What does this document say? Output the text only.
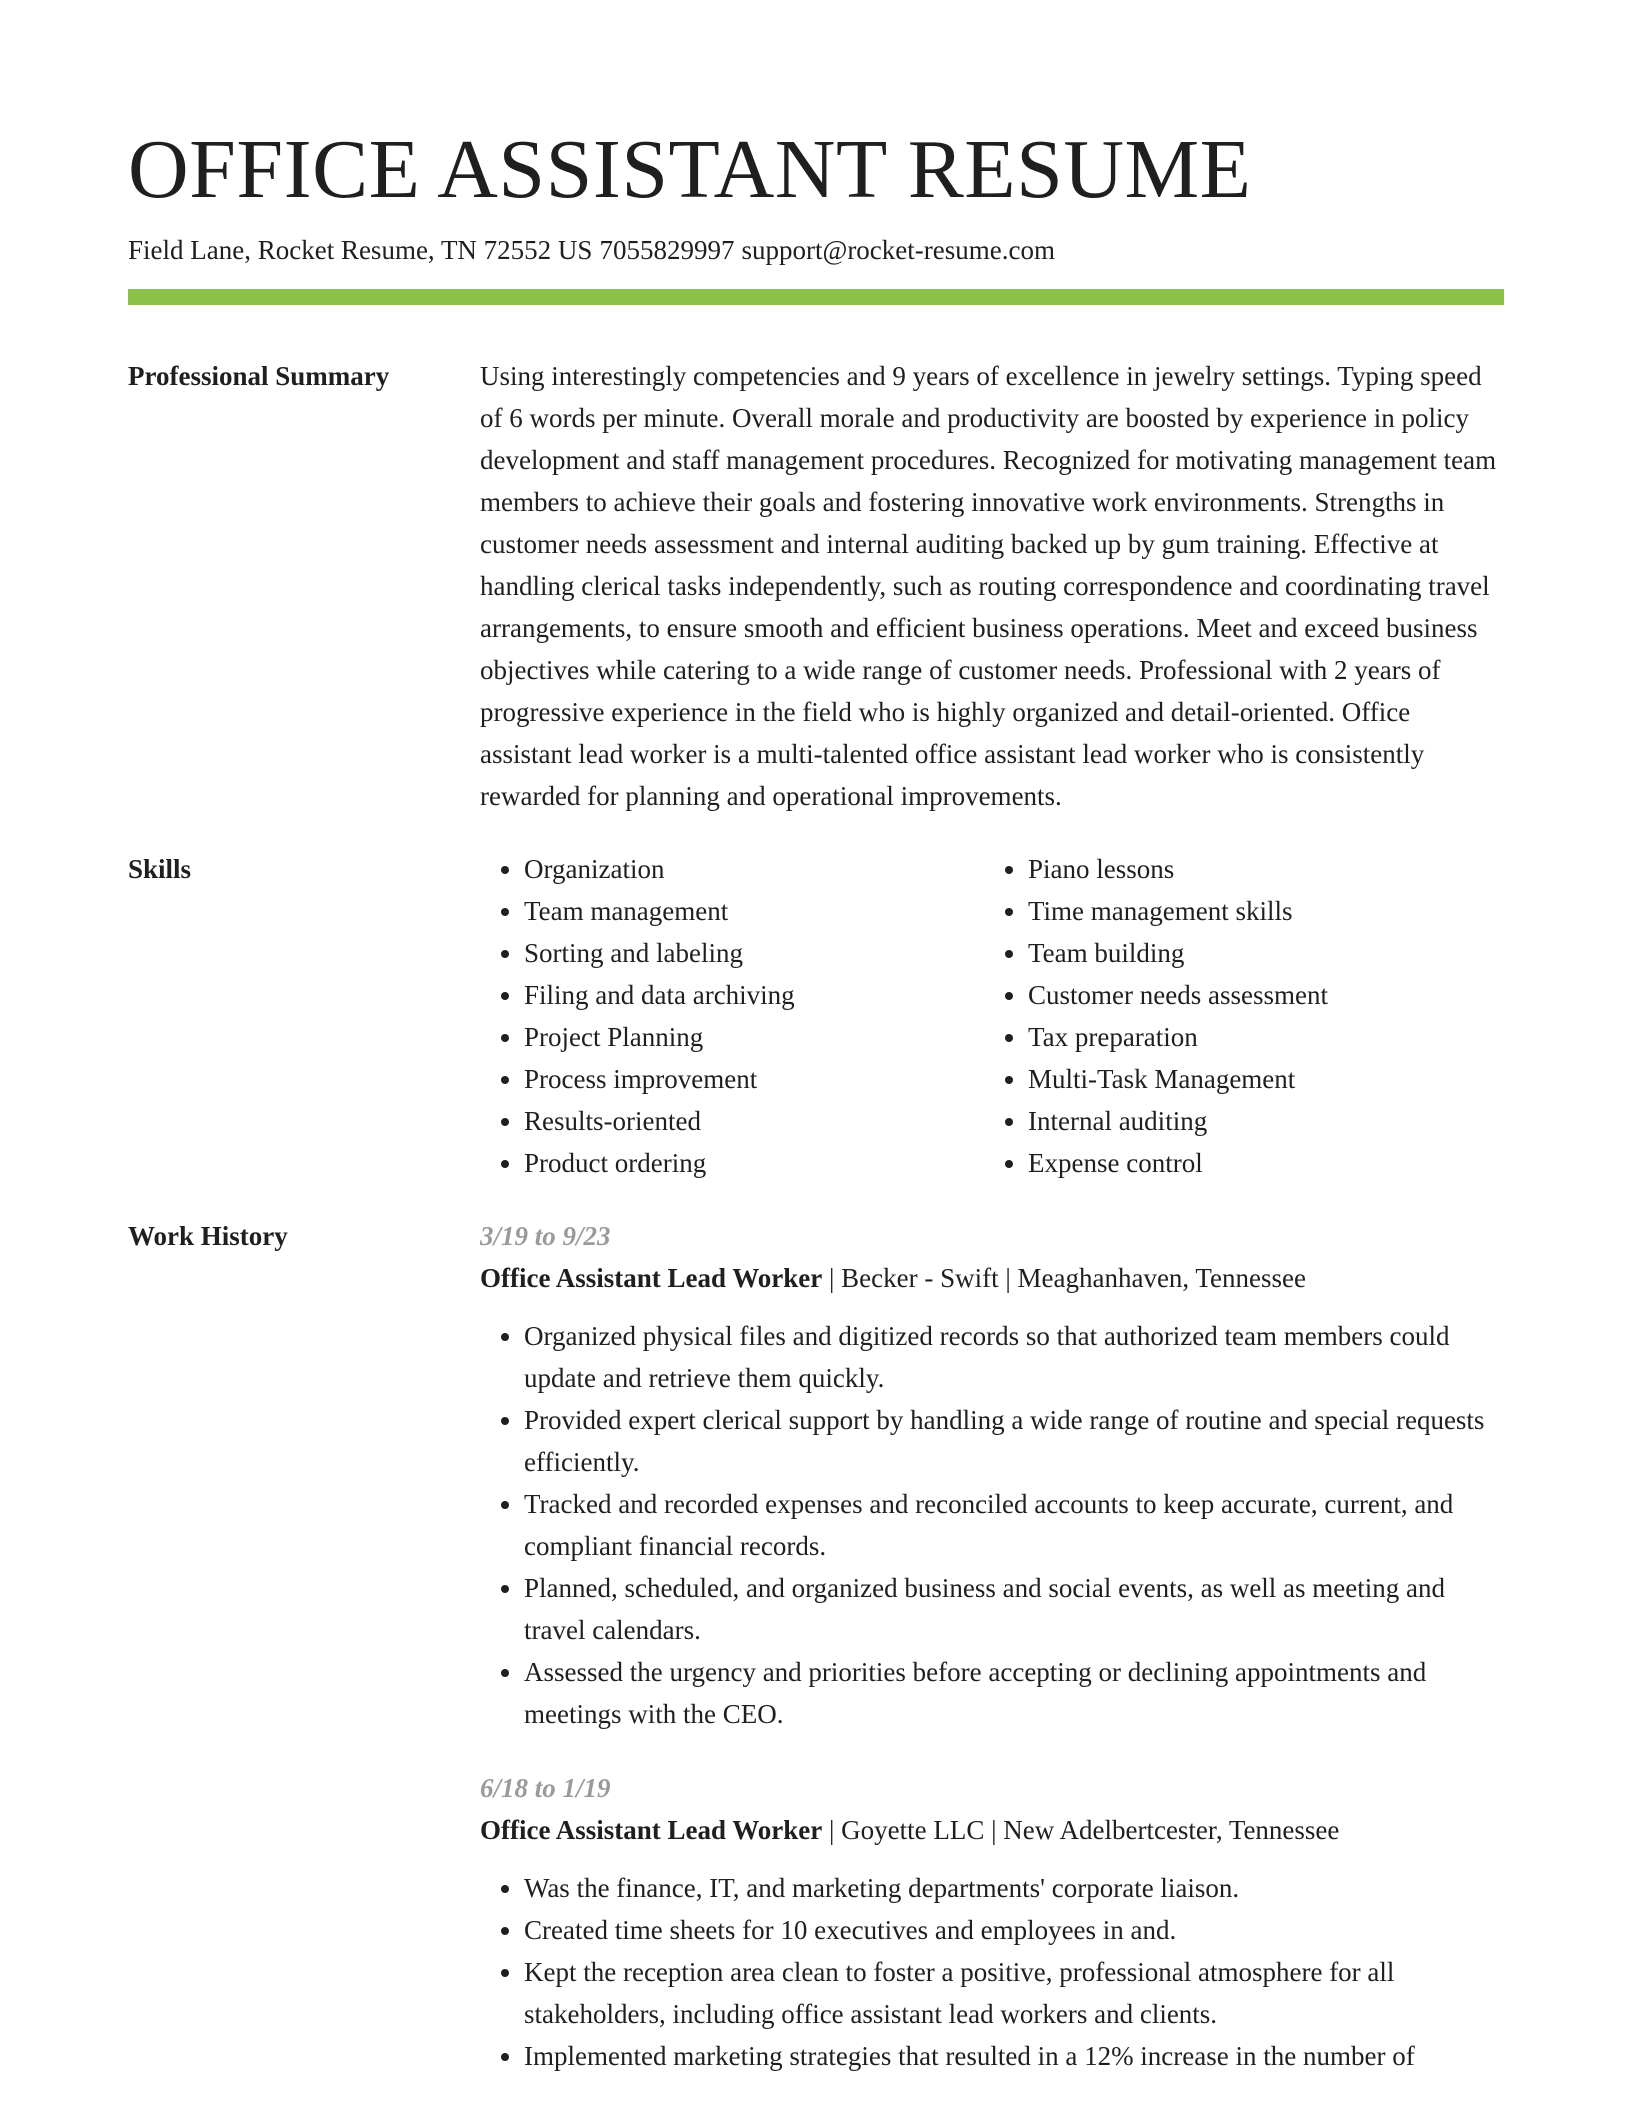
OFFICE ASSISTANT RESUME
Field Lane, Rocket Resume, TN 72552 US 7055829997 support@rocket-resume.com
Professional Summary	Using interestingly competencies and 9 years of excellence in jewelry settings. Typing speed of 6 words per minute. Overall morale and productivity are boosted by experience in policy development and staff management procedures. Recognized for motivating management team members to achieve their goals and fostering innovative work environments. Strengths in customer needs assessment and internal auditing backed up by gum training. Effective at handling clerical tasks independently, such as routing correspondence and coordinating travel arrangements, to ensure smooth and efficient business operations. Meet and exceed business objectives while catering to a wide range of customer needs. Professional with 2 years of progressive experience in the field who is highly organized and detail-oriented. Office assistant lead worker is a multi-talented office assistant lead worker who is consistently rewarded for planning and operational improvements.
Skills
•	Organization
• Team management
• Sorting and labeling
• Filing and data archiving
• Project Planning
• Process improvement
• Results-oriented
• Product ordering
• Piano lessons
• Time management skills
• Team building
• Customer needs assessment
• Tax preparation
• Multi-Task Management
• Internal auditing
• Expense control
Work History	3/19 to 9/23
Office Assistant Lead Worker | Becker - Swift | Meaghanhaven, Tennessee
• Organized physical files and digitized records so that authorized team members could update and retrieve them quickly.
• Provided expert clerical support by handling a wide range of routine and special requests efficiently.
• Tracked and recorded expenses and reconciled accounts to keep accurate, current, and compliant financial records.
• Planned, scheduled, and organized business and social events, as well as meeting and travel calendars.
• Assessed the urgency and priorities before accepting or declining appointments and meetings with the CEO.
6/18 to 1/19
Office Assistant Lead Worker | Goyette LLC | New Adelbertcester, Tennessee
• Was the finance, IT, and marketing departments' corporate liaison.
• Created time sheets for 10 executives and employees in and.
• Kept the reception area clean to foster a positive, professional atmosphere for all stakeholders, including office assistant lead workers and clients.
• Implemented marketing strategies that resulted in a 12% increase in the number of
